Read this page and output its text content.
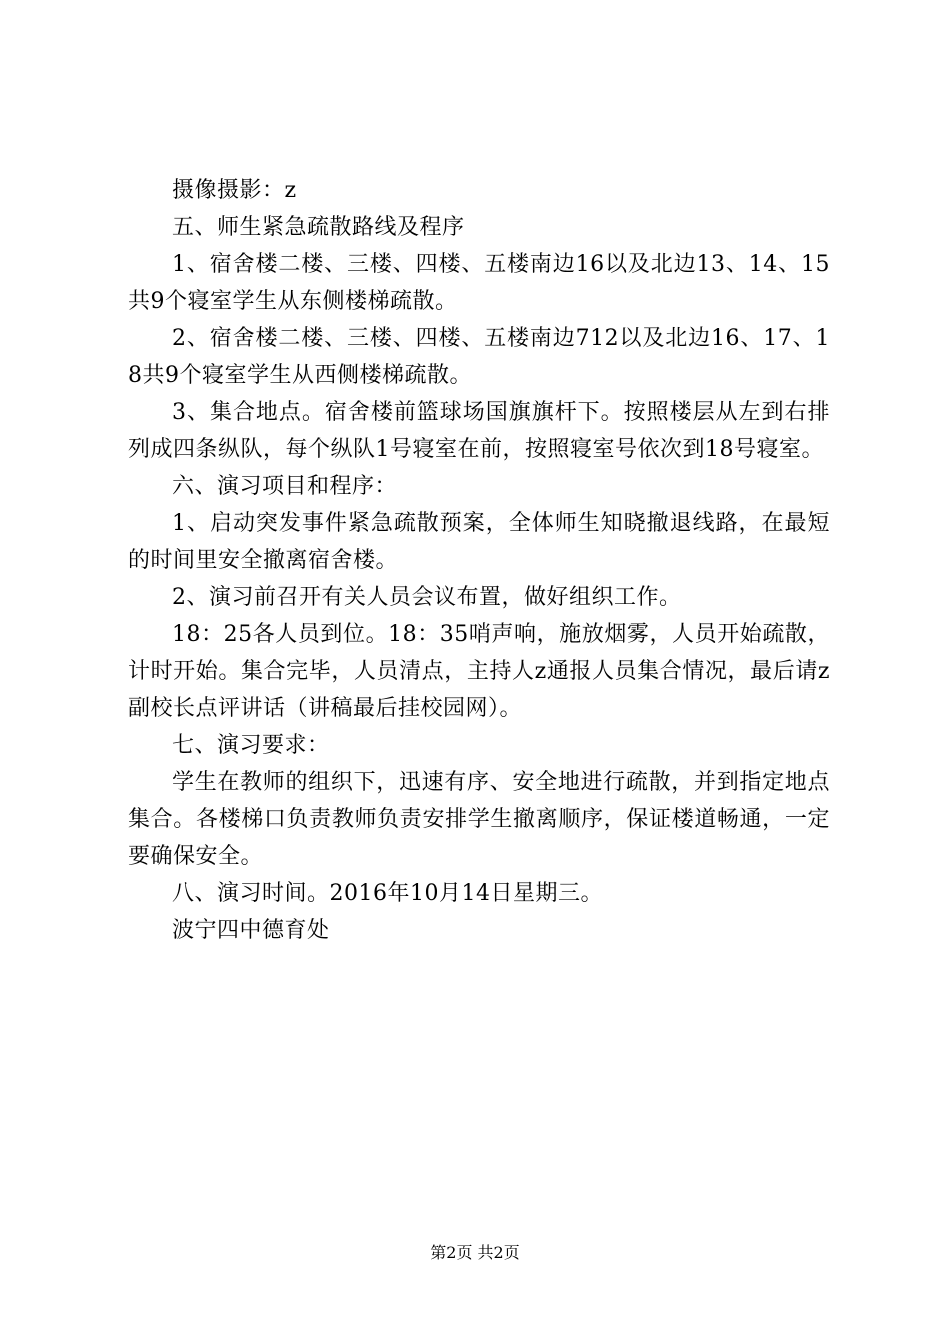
摄像摄影：z

五、师生紧急疏散路线及程序

1、宿舍楼二楼、三楼、四楼、五楼南边16以及北边13、14、15共9个寝室学生从东侧楼梯疏散。

2、宿舍楼二楼、三楼、四楼、五楼南边712以及北边16、17、18共9个寝室学生从西侧楼梯疏散。

3、集合地点。宿舍楼前篮球场国旗旗杆下。按照楼层从左到右排列成四条纵队，每个纵队1号寝室在前，按照寝室号依次到18号寝室。

六、演习项目和程序：

1、启动突发事件紧急疏散预案，全体师生知晓撤退线路，在最短的时间里安全撤离宿舍楼。

2、演习前召开有关人员会议布置，做好组织工作。

18：25各人员到位。18：35哨声响，施放烟雾，人员开始疏散，计时开始。集合完毕，人员清点，主持人z通报人员集合情况，最后请z副校长点评讲话（讲稿最后挂校园网）。

七、演习要求：

学生在教师的组织下，迅速有序、安全地进行疏散，并到指定地点集合。各楼梯口负责教师负责安排学生撤离顺序，保证楼道畅通，一定要确保安全。

八、演习时间。2016年10月14日星期三。

波宁四中德育处

第2页 共2页
